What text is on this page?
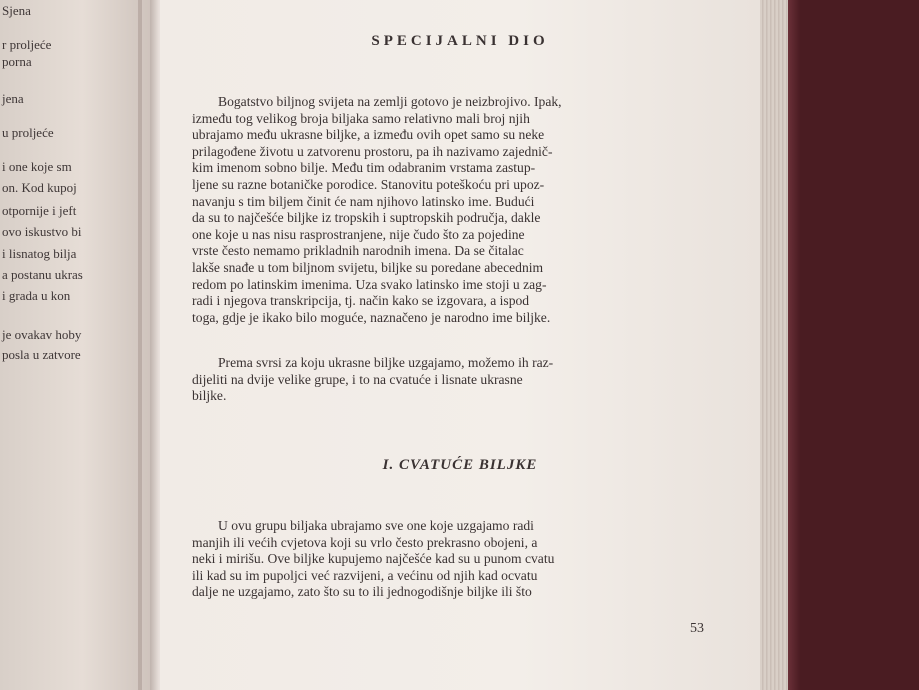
Sjena
r proljeće
porna
jena
u proljeće
i one koje sm
on. Kod kupoj
otpornije i jeft
ovo iskustvo bi
i lisnatog bilja
a postanu ukras
i grada u kon
je ovakav hoby
posla u zatvore
SPECIJALNI DIO
Bogatstvo biljnog svijeta na zemlji gotovo je neizbrojivo. Ipak,
između tog velikog broja biljaka samo relativno mali broj njih
ubrajamo među ukrasne biljke, a između ovih opet samo su neke
prilagođene životu u zatvorenu prostoru, pa ih nazivamo zajednič-
kim imenom sobno bilje. Među tim odabranim vrstama zastup-
ljene su razne botaničke porodice. Stanovitu poteškoću pri upoz-
navanju s tim biljem činit će nam njihovo latinsko ime. Budući
da su to najčešće biljke iz tropskih i suptropskih područja, dakle
one koje u nas nisu rasprostranjene, nije čudo što za pojedine
vrste često nemamo prikladnih narodnih imena. Da se čitalac
lakše snađe u tom biljnom svijetu, biljke su poredane abecednim
redom po latinskim imenima. Uza svako latinsko ime stoji u zag-
radi i njegova transkripcija, tj. način kako se izgovara, a ispod
toga, gdje je ikako bilo moguće, naznačeno je narodno ime biljke.
Prema svrsi za koju ukrasne biljke uzgajamo, možemo ih raz-
dijeliti na dvije velike grupe, i to na cvatuće i lisnate ukrasne
biljke.
I. CVATUĆE BILJKE
U ovu grupu biljaka ubrajamo sve one koje uzgajamo radi
manjih ili većih cvjetova koji su vrlo često prekrasno obojeni, a
neki i mirišu. Ove biljke kupujemo najčešće kad su u punom cvatu
ili kad su im pupoljci već razvijeni, a većinu od njih kad ocvatu
dalje ne uzgajamo, zato što su to ili jednogodišnje biljke ili što
53
